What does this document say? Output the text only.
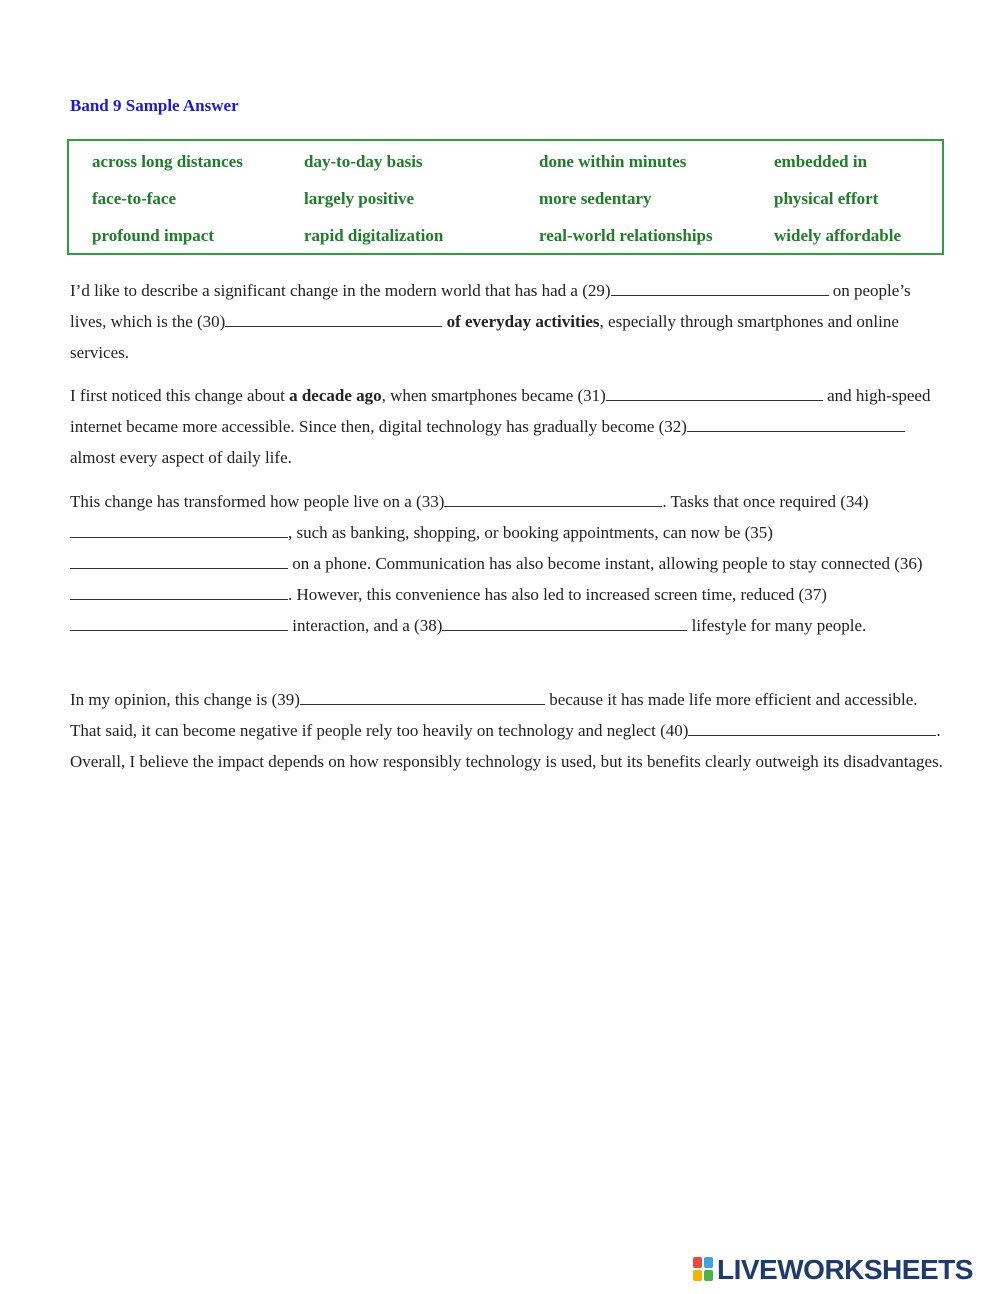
Band 9 Sample Answer
across long distances	day-to-day basis	done within minutes	embedded in
face-to-face	largely positive	more sedentary	physical effort
profound impact	rapid digitalization	real-world relationships	widely affordable
I’d like to describe a significant change in the modern world that has had a (29)	on people’s lives, which is the (30)	of everyday activities, especially through smartphones and online services.
I first noticed this change about a decade ago, when smartphones became (31)	and high-speed internet became more accessible. Since then, digital technology has gradually become (32) almost every aspect of daily life.
This change has transformed how people live on a (33)	. Tasks that once required (34), such as banking, shopping, or booking appointments, can now be (35) on a phone. Communication has also become instant, allowing people to stay connected (36). However, this convenience has also led to increased screen time, reduced (37) interaction, and a (38)	lifestyle for many people.
In my opinion, this change is (39)	because it has made life more efficient and accessible. That said, it can become negative if people rely too heavily on technology and neglect (40)	. Overall, I believe the impact depends on how responsibly technology is used, but its benefits clearly outweigh its disadvantages.
LIVEWORKSHEETS
